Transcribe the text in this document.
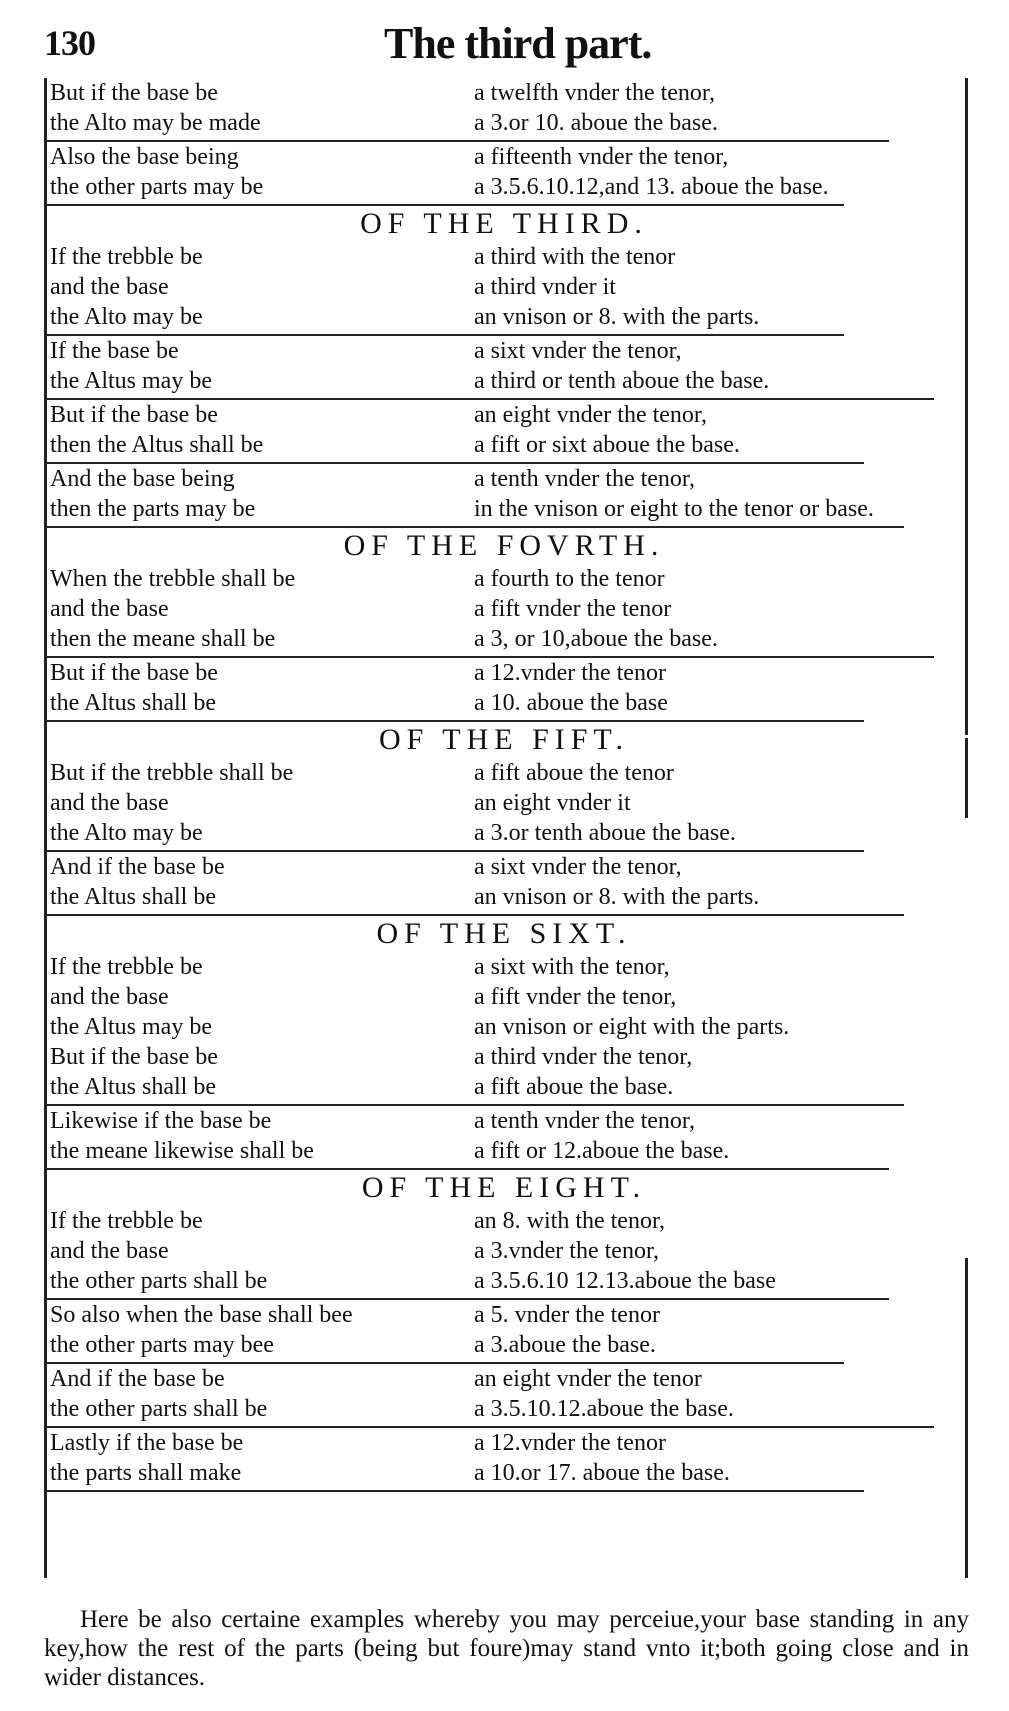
130	The third part.
But if the base be	a twelfth vnder the tenor,
the Alto may be made	a 3.or 10. aboue the base.
Also the base being	a fifteenth vnder the tenor,
the other parts may be	a 3.5.6.10.12,and 13. aboue the base.
OF THE THIRD.
If the trebble be	a third with the tenor
and the base	a third vnder it
the Alto may be	an vnison or 8. with the parts.
If the base be	a sixt vnder the tenor,
the Altus may be	a third or tenth aboue the base.
But if the base be	an eight vnder the tenor,
then the Altus shall be	a fift or sixt aboue the base.
And the base being	a tenth vnder the tenor,
then the parts may be	in the vnison or eight to the tenor or base.
OF THE FOVRTH.
When the trebble shall be	a fourth to the tenor
and the base	a fift vnder the tenor
then the meane shall be	a 3, or 10,aboue the base.
But if the base be	a 12.vnder the tenor
the Altus shall be	a 10. aboue the base
OF THE FIFT.
But if the trebble shall be	a fift aboue the tenor
and the base	an eight vnder it
the Alto may be	a 3.or tenth aboue the base.
And if the base be	a sixt vnder the tenor,
the Altus shall be	an vnison or 8. with the parts.
OF THE SIXT.
If the trebble be	a sixt with the tenor,
and the base	a fift vnder the tenor,
the Altus may be	an vnison or eight with the parts.
But if the base be	a third vnder the tenor,
the Altus shall be	a fift aboue the base.
Likewise if the base be	a tenth vnder the tenor,
the meane likewise shall be	a fift or 12.aboue the base.
OF THE EIGHT.
If the trebble be	an 8. with the tenor,
and the base	a 3.vnder the tenor,
the other parts shall be	a 3.5.6.10 12.13.aboue the base
So also when the base shall bee	a 5. vnder the tenor
the other parts may bee	a 3.aboue the base.
And if the base be	an eight vnder the tenor
the other parts shall be	a 3.5.10.12.aboue the base.
Lastly if the base be	a 12.vnder the tenor
the parts shall make	a 10.or 17. aboue the base.

Here be also certaine examples whereby you may perceiue,your base standing in any key,how the rest of the parts (being but foure)may stand vnto it;both going close and in wider distances.
